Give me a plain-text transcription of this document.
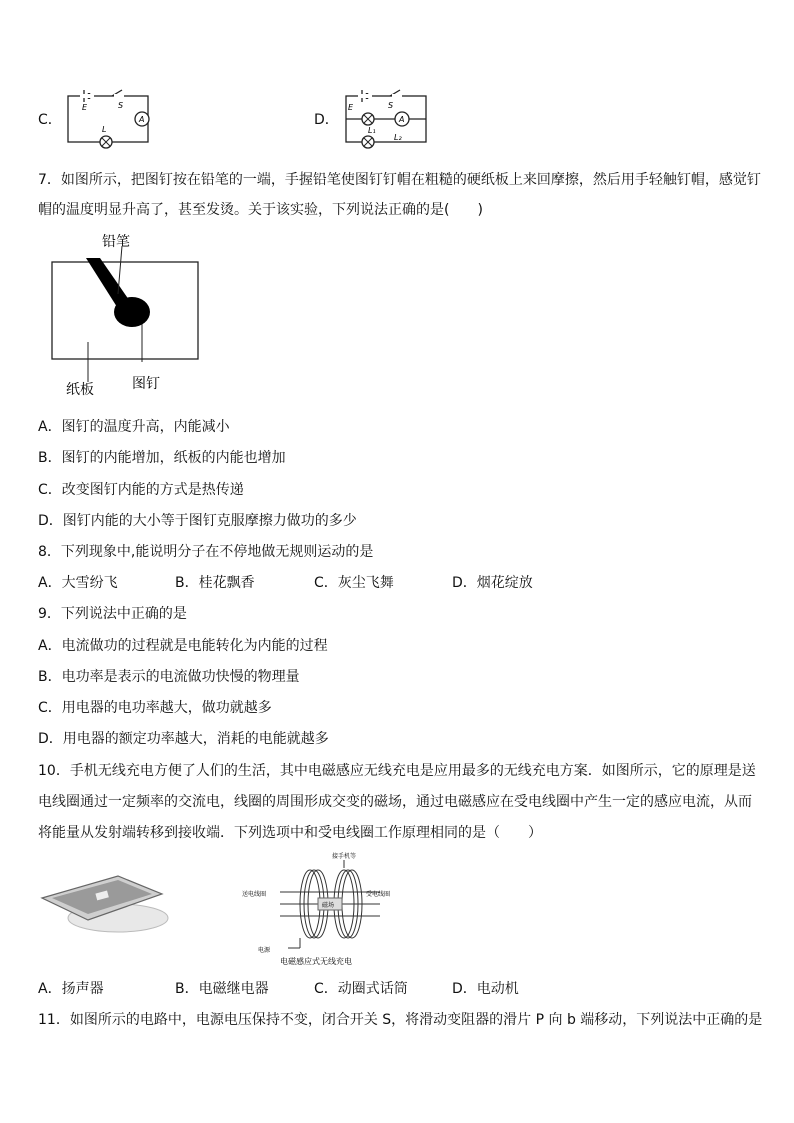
C．
E	S
A
L
D．
E	S
A
L₁
L₂
7．如图所示，把图钉按在铅笔的一端，手握铅笔使图钉钉帽在粗糙的硬纸板上来回摩擦，然后用手轻触钉帽，感觉钉
帽的温度明显升高了，甚至发烫。关于该实验，下列说法正确的是(　　)
铅笔
纸板	图钉
A．图钉的温度升高，内能减小
B．图钉的内能增加，纸板的内能也增加
C．改变图钉内能的方式是热传递
D．图钉内能的大小等于图钉克服摩擦力做功的多少
8．下列现象中,能说明分子在不停地做无规则运动的是
A．大雪纷飞	B．桂花飘香	C．灰尘飞舞	D．烟花绽放
9．下列说法中正确的是
A．电流做功的过程就是电能转化为内能的过程
B．电功率是表示的电流做功快慢的物理量
C．用电器的电功率越大，做功就越多
D．用电器的额定功率越大，消耗的电能就越多
10．手机无线充电方便了人们的生活，其中电磁感应无线充电是应用最多的无线充电方案．如图所示，它的原理是送
电线圈通过一定频率的交流电，线圈的周围形成交变的磁场，通过电磁感应在受电线圈中产生一定的感应电流，从而
将能量从发射端转移到接收端．下列选项中和受电线圈工作原理相同的是（　　）
磁场
接手机等
送电线圈	受电线圈
电源
电磁感应式无线充电
A．扬声器	B．电磁继电器	C．动圈式话筒	D．电动机
11．如图所示的电路中，电源电压保持不变，闭合开关 S，将滑动变阻器的滑片 P 向 b 端移动，下列说法中正确的是
